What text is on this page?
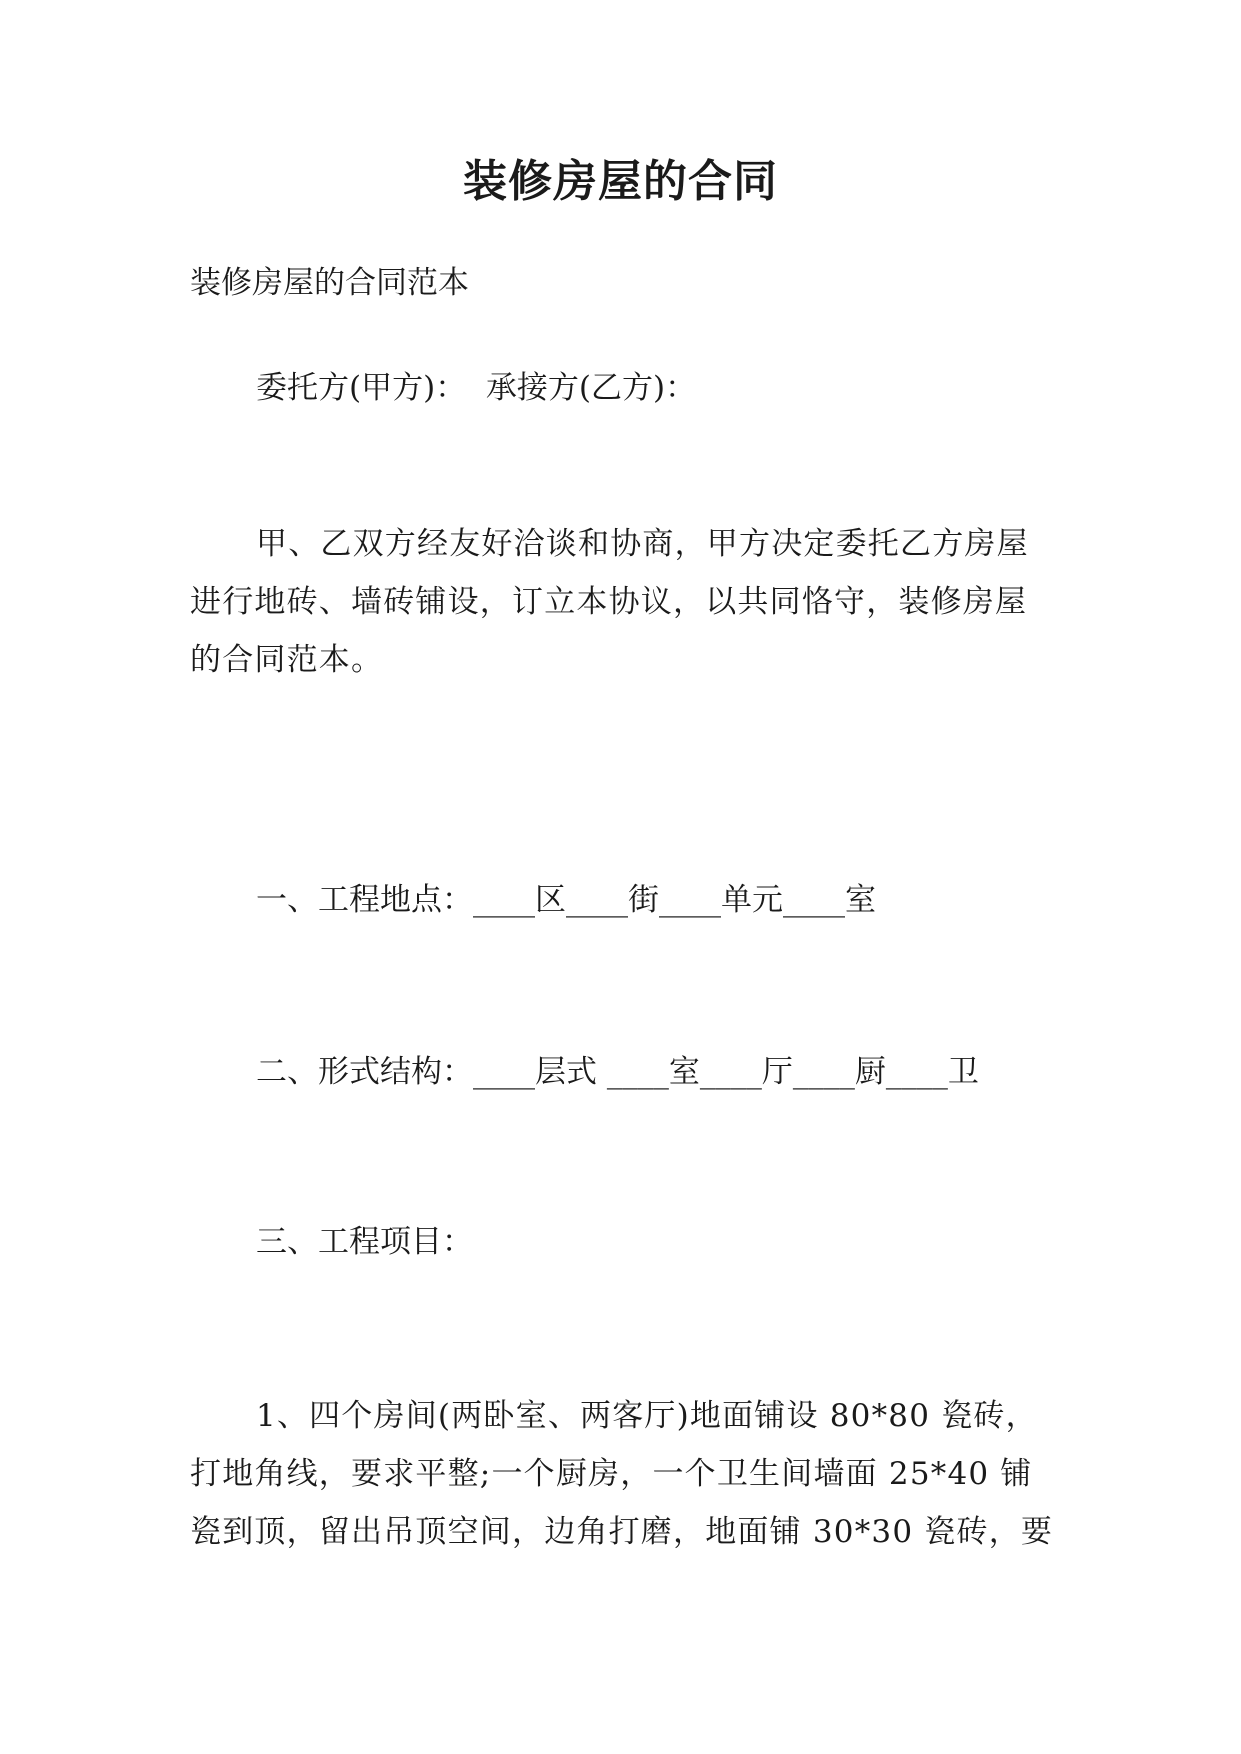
装修房屋的合同

装修房屋的合同范本

委托方(甲方)：  承接方(乙方)：

甲、乙双方经友好洽谈和协商，甲方决定委托乙方房屋
进行地砖、墙砖铺设，订立本协议，以共同恪守，装修房屋
的合同范本。

一、工程地点：____区____街____单元____室

二、形式结构：____层式 ____室____厅____厨____卫

三、工程项目：

1、四个房间(两卧室、两客厅)地面铺设 80*80 瓷砖，
打地角线，要求平整;一个厨房，一个卫生间墙面 25*40 铺
瓷到顶，留出吊顶空间，边角打磨，地面铺 30*30 瓷砖，要
